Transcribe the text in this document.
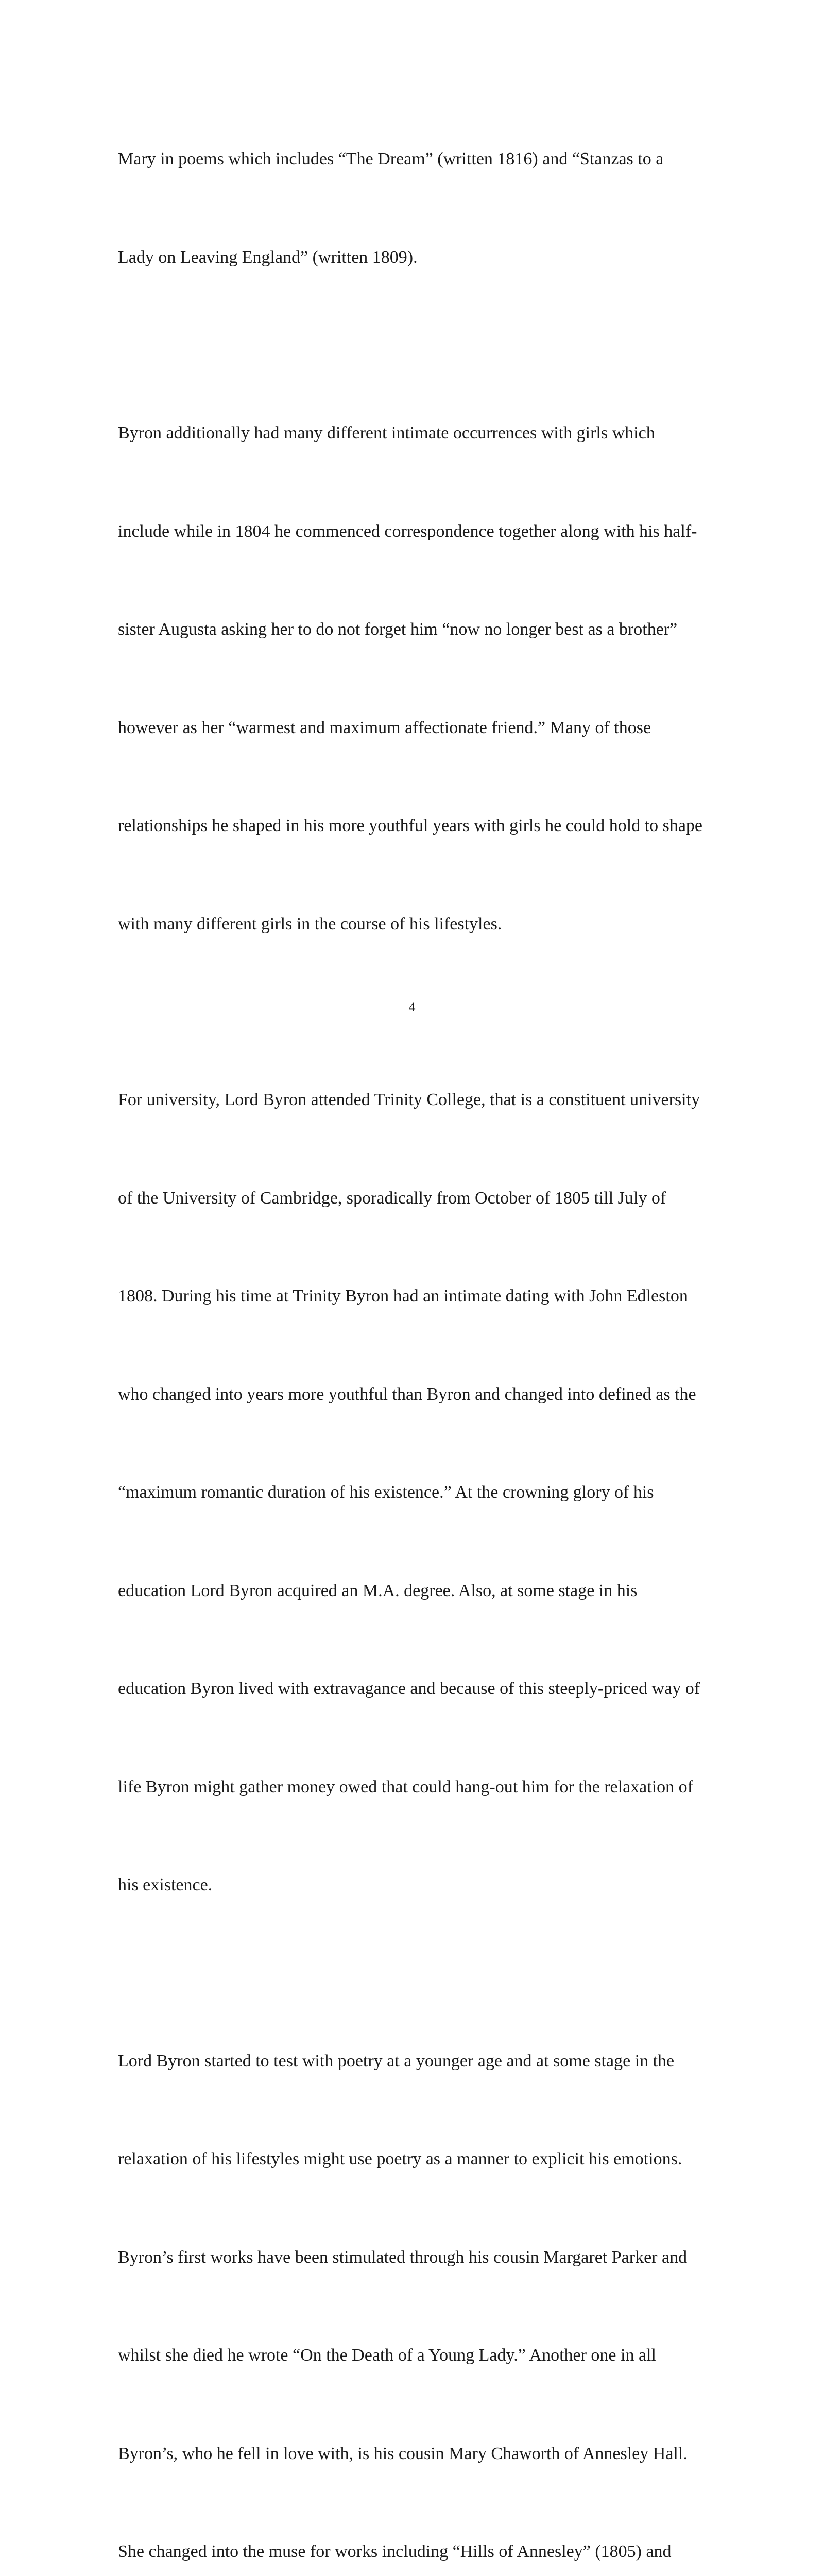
Mary in poems which includes “The Dream” (written 1816) and “Stanzas to a

Lady on Leaving England” (written 1809).

Byron additionally had many different intimate occurrences with girls which

include while in 1804 he commenced correspondence together along with his half-

sister Augusta asking her to do not forget him “now no longer best as a brother”

however as her “warmest and maximum affectionate friend.” Many of those

relationships he shaped in his more youthful years with girls he could hold to shape

with many different girls in the course of his lifestyles.

For university, Lord Byron attended Trinity College, that is a constituent university

of the University of Cambridge, sporadically from October of 1805 till July of

1808. During his time at Trinity Byron had an intimate dating with John Edleston

who changed into years more youthful than Byron and changed into defined as the

“maximum romantic duration of his existence.” At the crowning glory of his

education Lord Byron acquired an M.A. degree. Also, at some stage in his

education Byron lived with extravagance and because of this steeply-priced way of

life Byron might gather money owed that could hang-out him for the relaxation of

his existence.

Lord Byron started to test with poetry at a younger age and at some stage in the

relaxation of his lifestyles might use poetry as a manner to explicit his emotions.

Byron’s first works have been stimulated through his cousin Margaret Parker and

whilst she died he wrote “On the Death of a Young Lady.” Another one in all

Byron’s, who he fell in love with, is his cousin Mary Chaworth of Annesley Hall.

She changed into the muse for works including “Hills of Annesley” (1805) and

4
